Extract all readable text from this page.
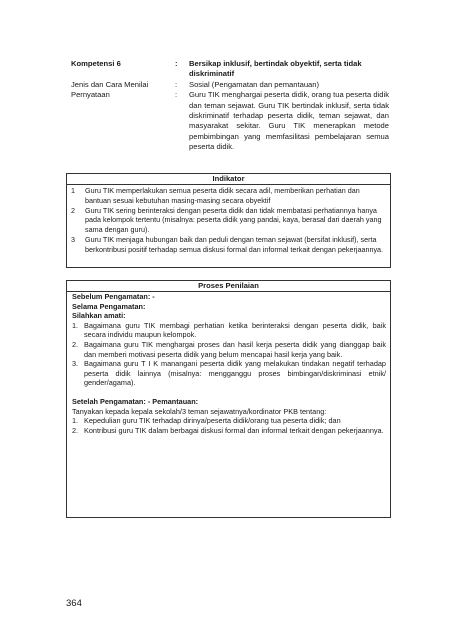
Kompetensi 6	:	Bersikap inklusif, bertindak obyektif, serta tidak diskriminatif
Jenis dan Cara Menilai	:	Sosial (Pengamatan dan pemantauan)
Pernyataan	:	Guru TIK menghargai peserta didik, orang tua peserta didik dan teman sejawat. Guru TIK bertindak inklusif, serta tidak diskriminatif terhadap peserta didik, teman sejawat, dan masyarakat sekitar. Guru TIK menerapkan metode pembimbingan yang memfasilitasi pembelajaran semua peserta didik.
Indikator
1	Guru TIK memperlakukan semua peserta didik secara adil, memberikan perhatian dan bantuan sesuai kebutuhan masing-masing secara obyektif
2	Guru TIK sering berinteraksi dengan peserta didik dan tidak membatasi perhatiannya hanya pada kelompok tertentu (misalnya: peserta didik yang pandai, kaya, berasal dari daerah yang sama dengan guru).
3	Guru TIK menjaga hubungan baik dan peduli dengan teman sejawat (bersifat inklusif), serta berkontribusi positif terhadap semua diskusi formal dan informal terkait dengan pekerjaannya.
Proses Penilaian
Sebelum Pengamatan: -
Selama Pengamatan:
Silahkan amati:
1. Bagaimana guru TIK membagi perhatian ketika berinteraksi dengan peserta didik, baik secara individu maupun kelompok.
2. Bagaimana guru TIK menghargai proses dan hasil kerja peserta didik yang dianggap baik dan memberi motivasi peserta didik yang belum mencapai hasil kerja yang baik.
3. Bagaimana guru T I K manangani peserta didik yang melakukan tindakan negatif terhadap peserta didik lainnya (misalnya: mengganggu proses bimbingan/diskriminasi etnik/ gender/agama).
Setelah Pengamatan: - Pemantauan:
Tanyakan kepada kepala sekolah/3 teman sejawatnya/kordinator PKB tentang:
1. Kepedulian guru TIK terhadap dirinya/peserta didik/orang tua peserta didik; dan
2. Kontribusi guru TIK dalam berbagai diskusi formal dan informal terkait dengan pekerjaannya.
364
